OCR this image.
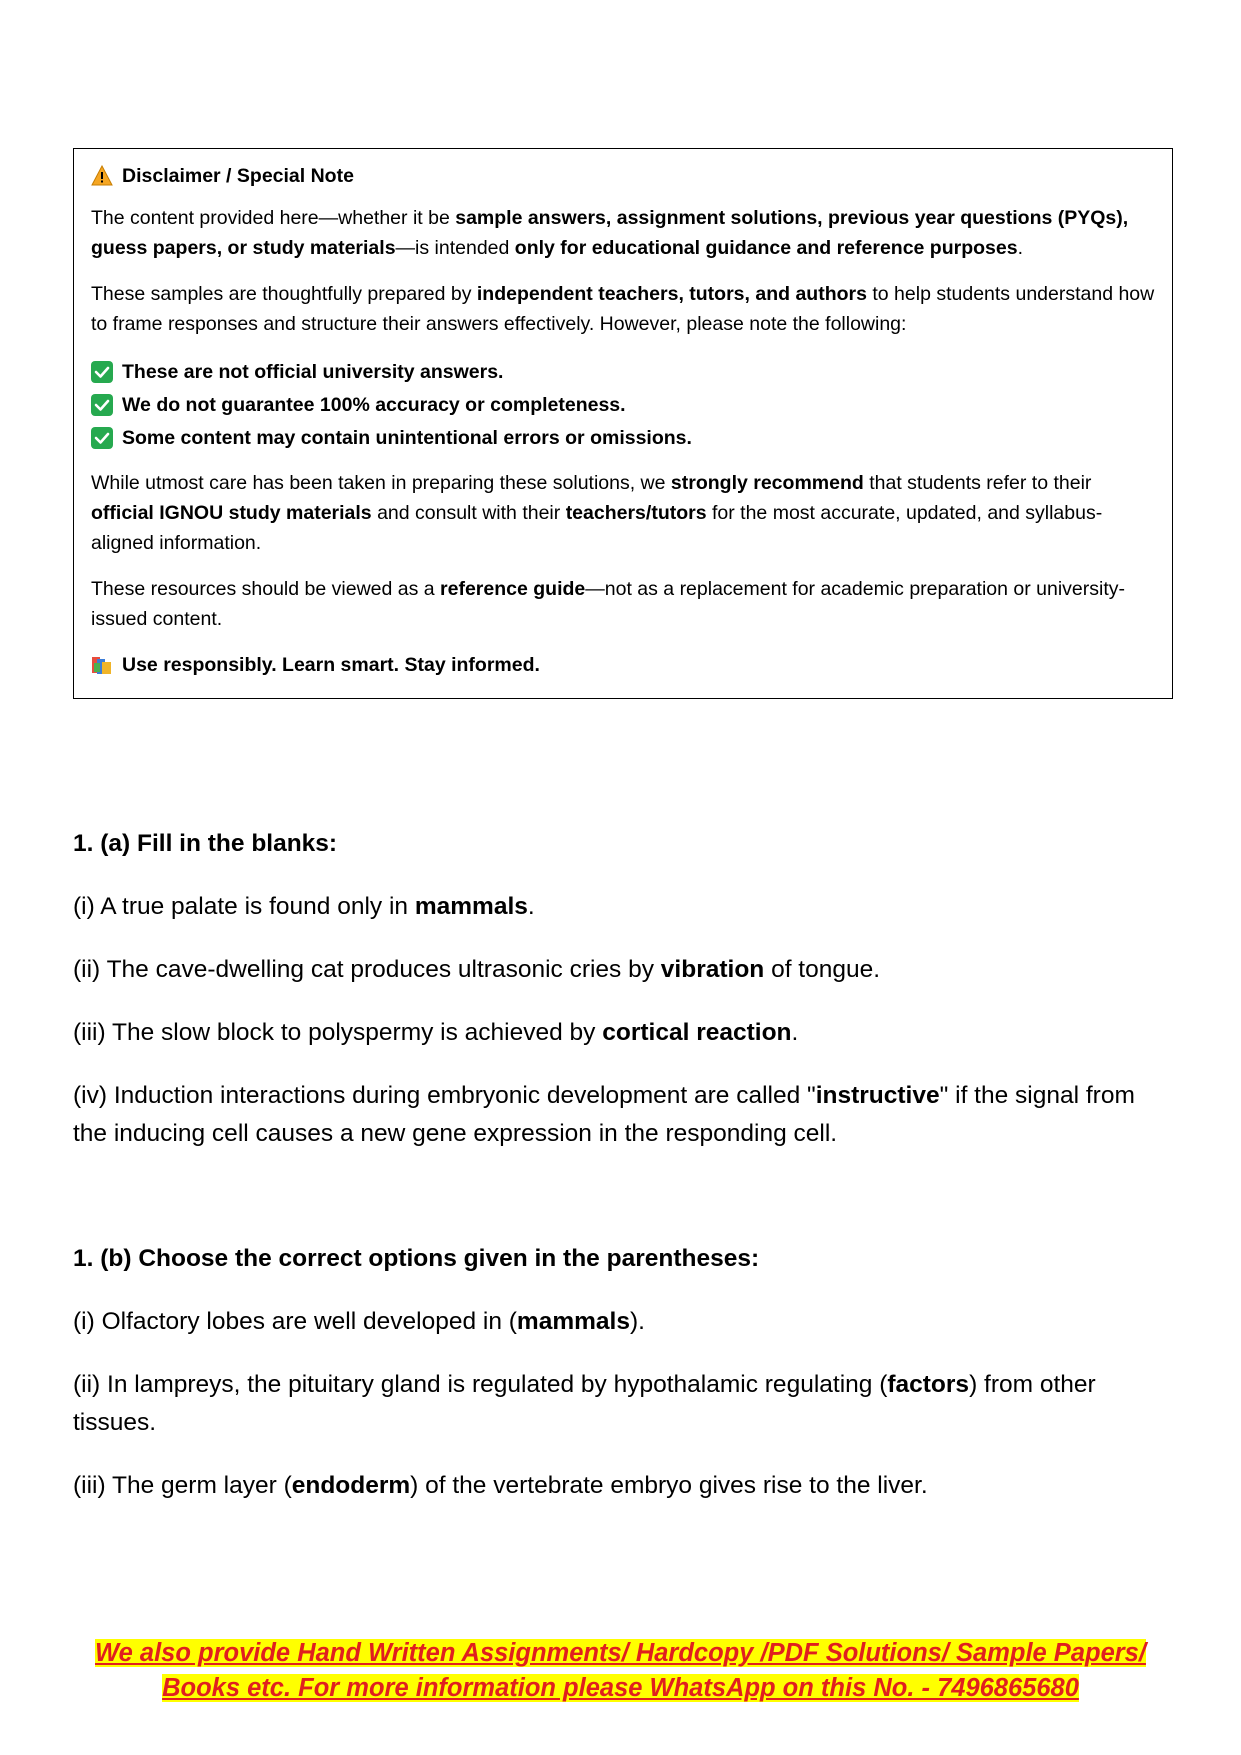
Disclaimer / Special Note

The content provided here—whether it be sample answers, assignment solutions, previous year questions (PYQs), guess papers, or study materials—is intended only for educational guidance and reference purposes.

These samples are thoughtfully prepared by independent teachers, tutors, and authors to help students understand how to frame responses and structure their answers effectively. However, please note the following:

These are not official university answers.
We do not guarantee 100% accuracy or completeness.
Some content may contain unintentional errors or omissions.

While utmost care has been taken in preparing these solutions, we strongly recommend that students refer to their official IGNOU study materials and consult with their teachers/tutors for the most accurate, updated, and syllabus-aligned information.

These resources should be viewed as a reference guide—not as a replacement for academic preparation or university-issued content.

Use responsibly. Learn smart. Stay informed.

1. (a) Fill in the blanks:

(i) A true palate is found only in mammals.

(ii) The cave-dwelling cat produces ultrasonic cries by vibration of tongue.

(iii) The slow block to polyspermy is achieved by cortical reaction.

(iv) Induction interactions during embryonic development are called "instructive" if the signal from the inducing cell causes a new gene expression in the responding cell.

1. (b) Choose the correct options given in the parentheses:

(i) Olfactory lobes are well developed in (mammals).

(ii) In lampreys, the pituitary gland is regulated by hypothalamic regulating (factors) from other tissues.

(iii) The germ layer (endoderm) of the vertebrate embryo gives rise to the liver.

We also provide Hand Written Assignments/ Hardcopy /PDF Solutions/ Sample Papers/
Books etc. For more information please WhatsApp on this No. - 7496865680
